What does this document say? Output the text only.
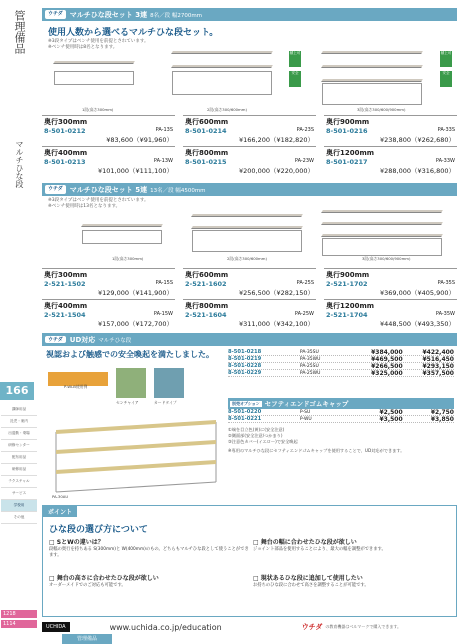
管理備品
マルチひな段
166
講師用品
託児・案内
出退勤・乗場
研修センター
配布用品
研修用品
テクスチャル
サービス
学校用
その他
1218
1114
ウチダ	マルチひな段セット 3連 8名／段 幅2700mm
使用人数から選べるマルチひな段セット。
※3段タイプはベンチ使用を前提とされています。
※ベンチ使用時は8名となります。
積上可
安全
積上可
安全
1段(高さ300mm)	2段(高さ300/600mm)	3段(高さ300/600/900mm)
奥行300mm
8-501-0212	PA-13S
¥83,600（¥91,960）
奥行600mm
8-501-0214	PA-23S
¥166,200（¥182,820）
奥行900mm
8-501-0216	PA-33S
¥238,800（¥262,680）
奥行400mm
8-501-0213	PA-13W
¥101,000（¥111,100）
奥行800mm
8-501-0215	PA-23W
¥200,000（¥220,000）
奥行1200mm
8-501-0217	PA-33W
¥288,000（¥316,800）
ウチダ	マルチひな段セット 5連 13名／段 幅4500mm
※3段タイプはベンチ使用を前提とされています。
※ベンチ使用時は13名となります。
1段(高さ300mm)	2段(高さ300/600mm)	3段(高さ300/600/900mm)
奥行300mm
2-521-1502	PA-15S
¥129,000（¥141,900）
奥行600mm
2-521-1602	PA-25S
¥256,500（¥282,150）
奥行900mm
2-521-1702	PA-35S
¥369,000（¥405,900）
奥行400mm
2-521-1504	PA-15W
¥157,000（¥172,700）
奥行800mm
2-521-1604	PA-25W
¥311,000（¥342,100）
奥行1200mm
2-521-1704	PA-35W
¥448,500（¥493,350）
ウチダ	UD対応 マルチひな段
視認および触感での安全喚起を満たしました。
P-WLB使用例
センチャイア	カードタイプ
PA-30AU
8-501-0218	PA-35SU	¥384,000	¥422,400
8-501-0219	PA-35WU	¥469,500	¥516,450
8-501-0228	PA-25SU	¥266,500	¥293,150
8-501-0229	PA-25WU	¥325,000	¥357,500
別売オプション セフティエンドゴムキャップ
8-501-0220	P-SU	¥2,500	¥2,750
8-501-0221	P-WU	¥3,500	¥3,850
①端を目立色(黄)に(安全注意)
②側面部(安全注意/つかまり)
③注意色カバー(イエロー)で安全喚起
※専用のマルチひな段にセフティエンドゴムキャップを使用することで、UD対応ができます。
ポイント
ひな段の選び方について
□ SとWの違いは？
段幅の奥行を持ちある S(300mm)と W(400mm)のもの。どちらもマルチひな段として使うことができます。
□ 舞台の高さに合わせたひな段が欲しい
オーダーメイドでのご対応も可能です。
□ 舞台の幅に合わせたひな段が欲しい
ジョイント部品を使用することにより、最大の幅を調整ができます。
□ 現状あるひな段に追加して使用したい
お持ちのひな段に合わせて高さを調整することが可能です。
UCHIDA	www.uchida.co.jp/education	ウチダ の教育機器はベルマークで購入できます。
管理備品
